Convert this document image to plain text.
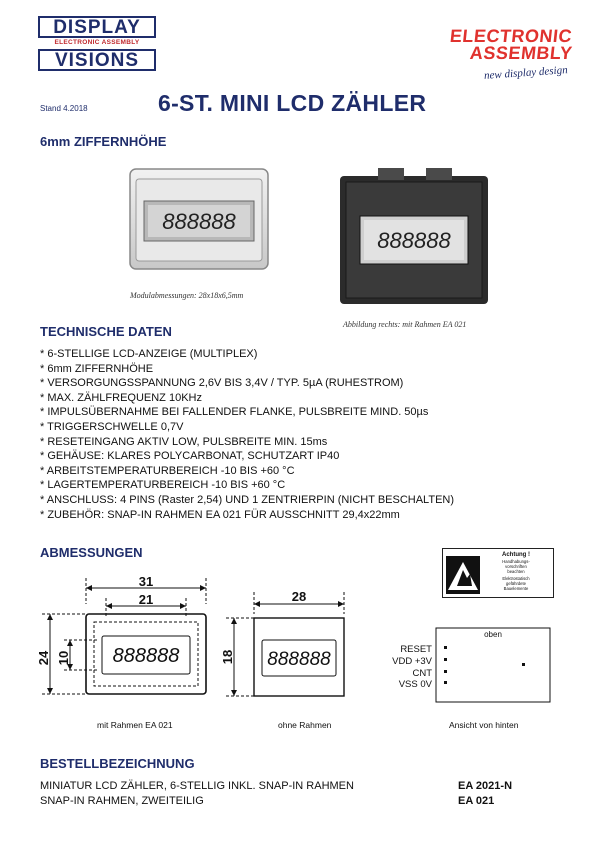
DISPLAY
ELECTRONIC ASSEMBLY
VISIONS
ELECTRONIC
ASSEMBLY
new display design
Stand 4.2018	6-ST. MINI LCD ZÄHLER
6mm ZIFFERNHÖHE
888888
Modulabmessungen: 28x18x6,5mm
888888
Abbildung rechts: mit Rahmen EA 021
TECHNISCHE DATEN
* 6-STELLIGE LCD-ANZEIGE (MULTIPLEX)
* 6mm ZIFFERNHÖHE
* VERSORGUNGSSPANNUNG 2,6V BIS 3,4V / TYP. 5µA (RUHESTROM)
* MAX. ZÄHLFREQUENZ 10KHz
* IMPULSÜBERNAHME BEI FALLENDER FLANKE, PULSBREITE MIND. 50µs
* TRIGGERSCHWELLE 0,7V
* RESETEINGANG AKTIV LOW, PULSBREITE MIN. 15ms
* GEHÄUSE: KLARES POLYCARBONAT, SCHUTZART IP40
* ARBEITSTEMPERATURBEREICH -10 BIS +60 °C
* LAGERTEMPERATURBEREICH -10 BIS +60 °C
* ANSCHLUSS: 4 PINS (Raster 2,54) UND 1 ZENTRIERPIN (NICHT BESCHALTEN)
* ZUBEHÖR: SNAP-IN RAHMEN EA 021 FÜR AUSSCHNITT 29,4x22mm
ABMESSUNGEN	Achtung !
Handhabungs-
vorschriften
beachten
Elektrostatisch
gefährdete
Bauelemente
31
21
24 10 888888
mit Rahmen EA 021
28
18 888888
ohne Rahmen
oben
RESET
VDD +3V
CNT
VSS 0V
Ansicht von hinten
BESTELLBEZEICHNUNG
MINIATUR LCD ZÄHLER, 6-STELLIG INKL. SNAP-IN RAHMEN	EA 2021-N
SNAP-IN RAHMEN, ZWEITEILIG	EA 021
